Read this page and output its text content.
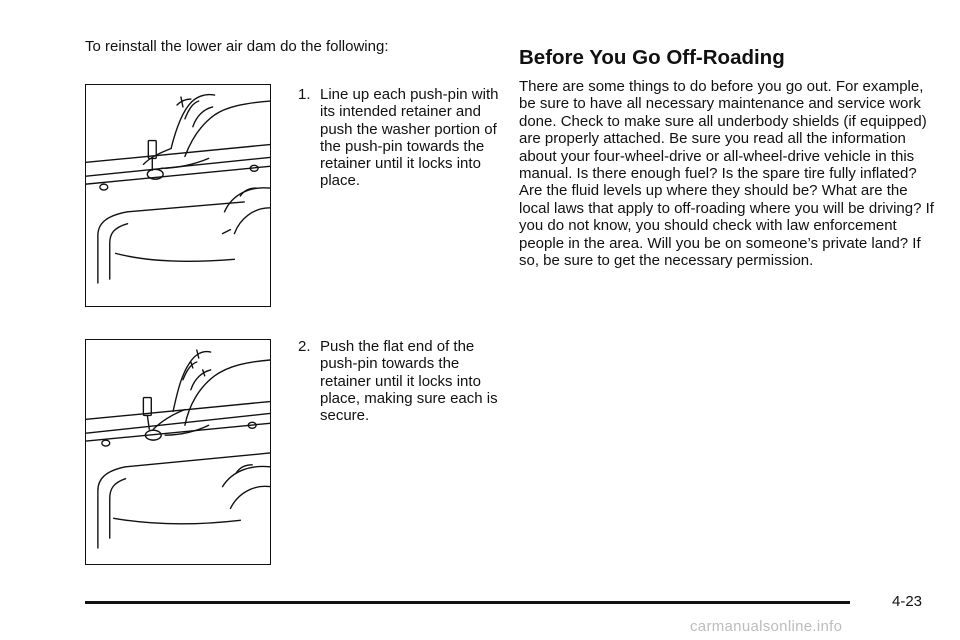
To reinstall the lower air dam do the following:
1. Line up each push-pin with its intended retainer and push the washer portion of the push-pin towards the retainer until it locks into place.
2. Push the flat end of the push-pin towards the retainer until it locks into place, making sure each is secure.
Before You Go Off-Roading

There are some things to do before you go out. For example, be sure to have all necessary maintenance and service work done. Check to make sure all underbody shields (if equipped) are properly attached. Be sure you read all the information about your four-wheel-drive or all-wheel-drive vehicle in this manual. Is there enough fuel? Is the spare tire fully inflated? Are the fluid levels up where they should be? What are the local laws that apply to off-roading where you will be driving? If you do not know, you should check with law enforcement people in the area. Will you be on someone’s private land? If so, be sure to get the necessary permission.

4-23
carmanualsonline.info
